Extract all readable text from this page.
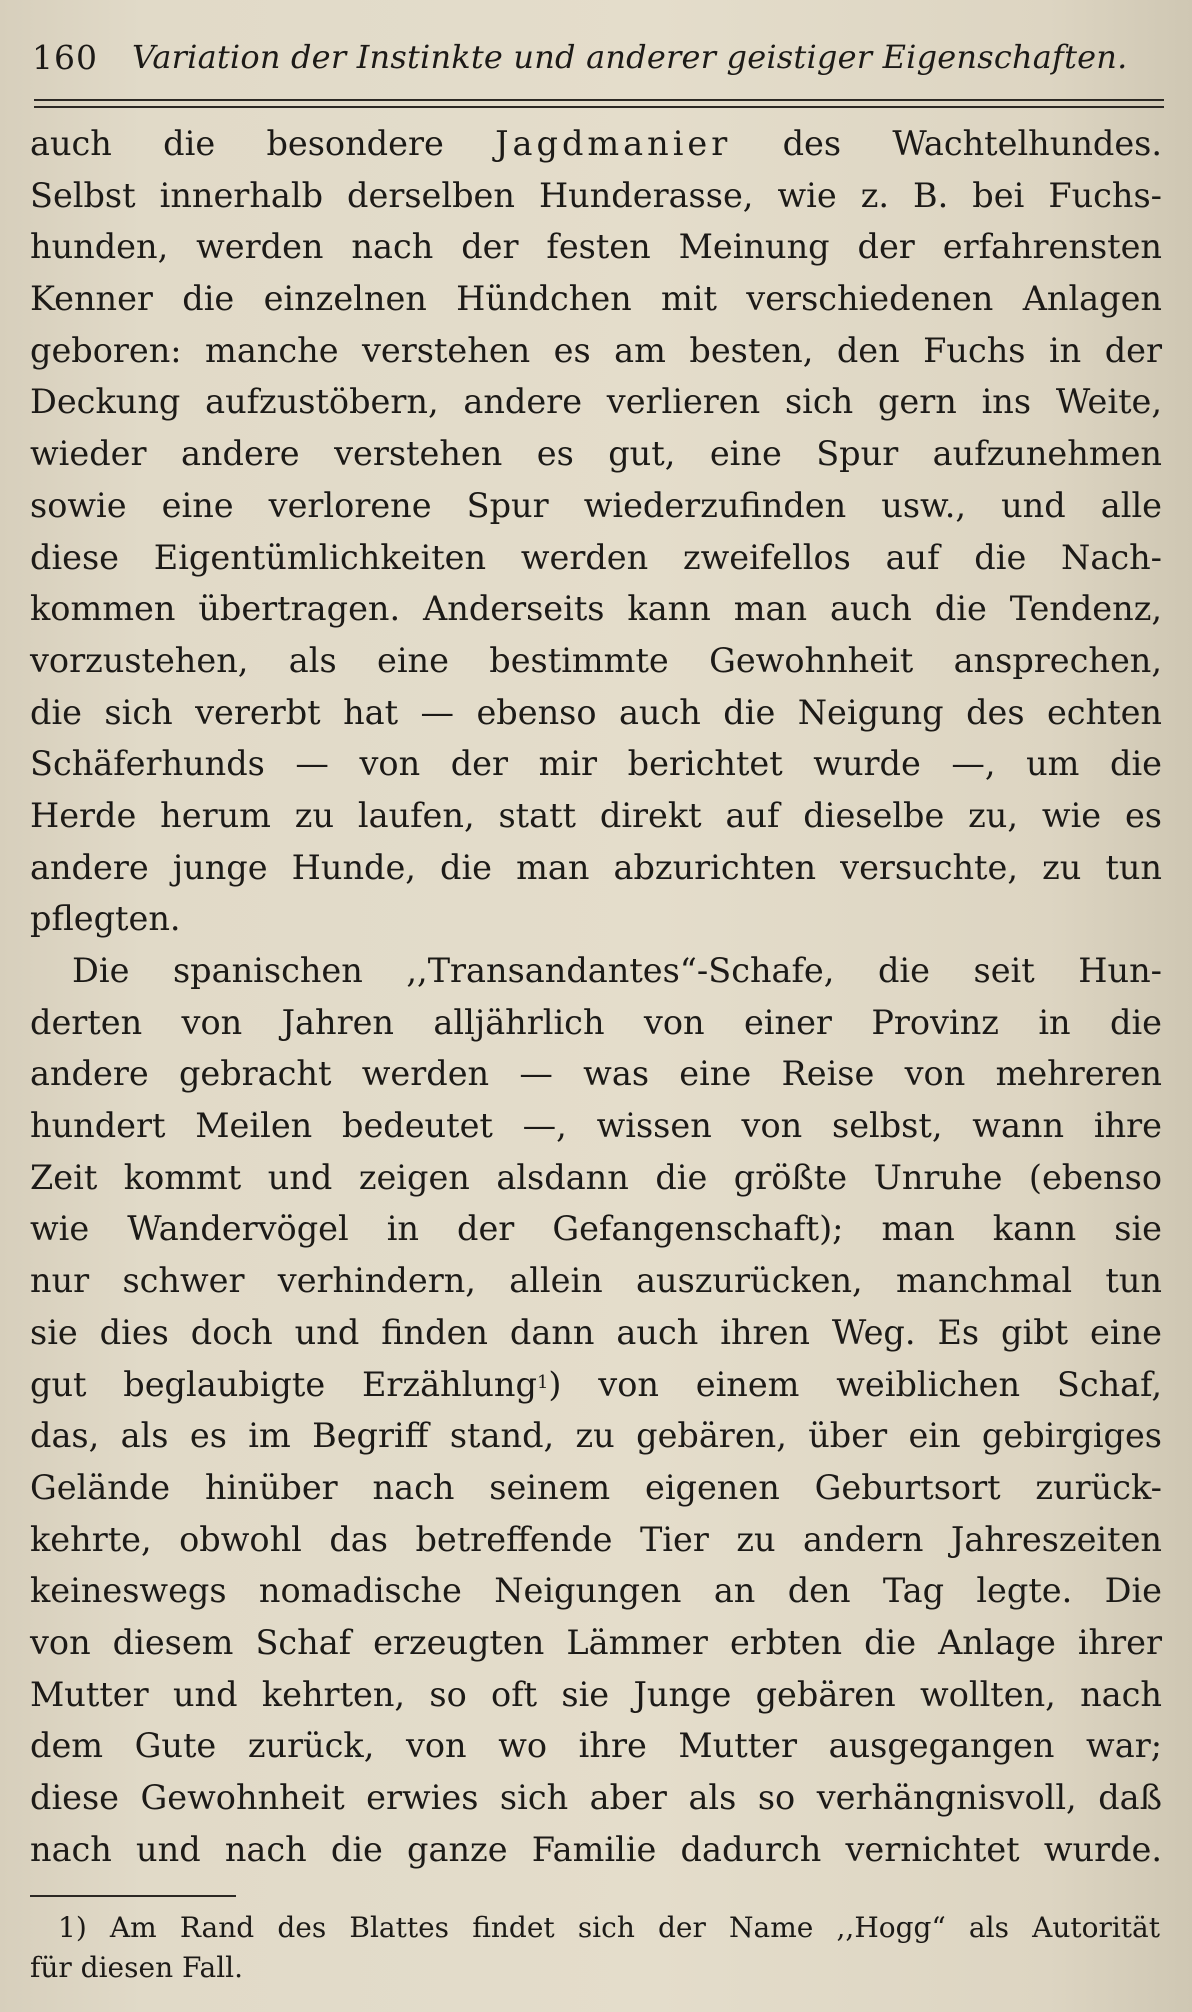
160 Variation der Instinkte und anderer geistiger Eigenschaften.
auch die besondere Jagdmanier des Wachtelhundes.
Selbst innerhalb derselben Hunderasse, wie z. B. bei Fuchs-
hunden, werden nach der festen Meinung der erfahrensten
Kenner die einzelnen Hündchen mit verschiedenen Anlagen
geboren: manche verstehen es am besten, den Fuchs in der
Deckung aufzustöbern, andere verlieren sich gern ins Weite,
wieder andere verstehen es gut, eine Spur aufzunehmen
sowie eine verlorene Spur wiederzufinden usw., und alle
diese Eigentümlichkeiten werden zweifellos auf die Nach-
kommen übertragen. Anderseits kann man auch die Tendenz,
vorzustehen, als eine bestimmte Gewohnheit ansprechen,
die sich vererbt hat — ebenso auch die Neigung des echten
Schäferhunds — von der mir berichtet wurde —, um die
Herde herum zu laufen, statt direkt auf dieselbe zu, wie es
andere junge Hunde, die man abzurichten versuchte, zu tun
pflegten.
Die spanischen ,,Transandantes“-Schafe, die seit Hun-
derten von Jahren alljährlich von einer Provinz in die
andere gebracht werden — was eine Reise von mehreren
hundert Meilen bedeutet —, wissen von selbst, wann ihre
Zeit kommt und zeigen alsdann die größte Unruhe (ebenso
wie Wandervögel in der Gefangenschaft); man kann sie
nur schwer verhindern, allein auszurücken, manchmal tun
sie dies doch und finden dann auch ihren Weg. Es gibt eine
gut beglaubigte Erzählung$^1$) von einem weiblichen Schaf,
das, als es im Begriff stand, zu gebären, über ein gebirgiges
Gelände hinüber nach seinem eigenen Geburtsort zurück-
kehrte, obwohl das betreffende Tier zu andern Jahreszeiten
keineswegs nomadische Neigungen an den Tag legte. Die
von diesem Schaf erzeugten Lämmer erbten die Anlage ihrer
Mutter und kehrten, so oft sie Junge gebären wollten, nach
dem Gute zurück, von wo ihre Mutter ausgegangen war;
diese Gewohnheit erwies sich aber als so verhängnisvoll, daß
nach und nach die ganze Familie dadurch vernichtet wurde.
1) Am Rand des Blattes findet sich der Name ,,Hogg“ als Autorität
für diesen Fall.
